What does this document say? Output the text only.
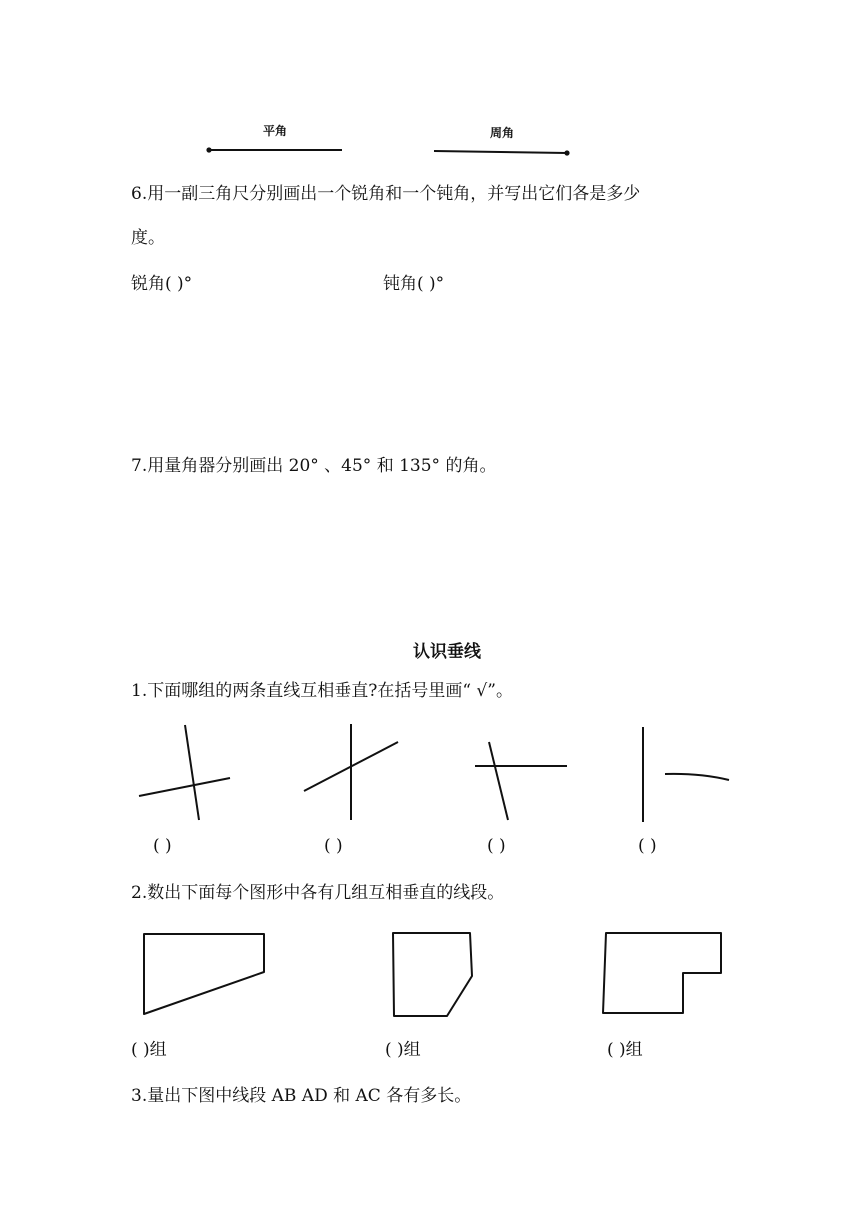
平角	周角
6.用一副三角尺分别画出一个锐角和一个钝角，并写出它们各是多少
度。
锐角( )°	钝角( )°
7.用量角器分别画出 20° 、45° 和 135° 的角。
认识垂线
1.下面哪组的两条直线互相垂直?在括号里画“ √”。
( )	( )	( )	( )
2.数出下面每个图形中各有几组互相垂直的线段。
( )组	( )组	( )组
3.量出下图中线段 AB AD 和 AC 各有多长。
